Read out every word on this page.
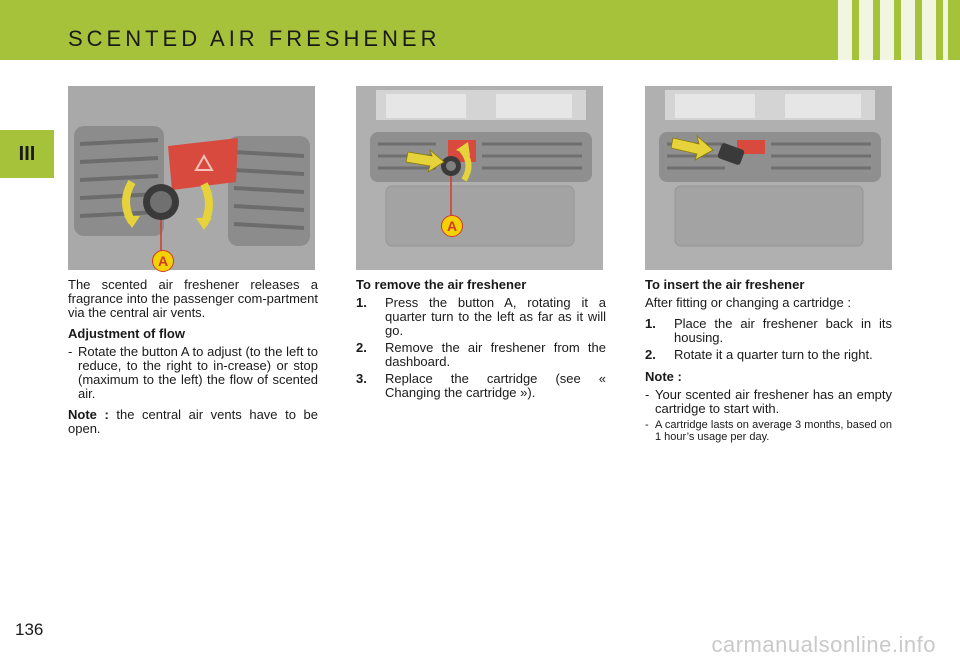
SCENTED AIR FRESHENER
III
A
A

The scented air freshener releases a fragrance into the passenger com-partment via the central air vents.

Adjustment of flow
- Rotate the button A to adjust (to the left to reduce, to the right to in-crease) or stop (maximum to the left) the flow of scented air.

Note : the central air vents have to be open.

To remove the air freshener
1.	Press the button A, rotating it a quarter turn to the left as far as it will go.
2.	Remove the air freshener from the dashboard.
3.	Replace the cartridge (see « Changing the cartridge »).
To insert the air freshener

After fitting or changing a cartridge :

1.	Place the air freshener back in its housing.
2.	Rotate it a quarter turn to the right.
Note :
- Your scented air freshener has an empty cartridge to start with.
- A cartridge lasts on average 3 months, based on 1 hour’s usage per day.
136
carmanualsonline.info
